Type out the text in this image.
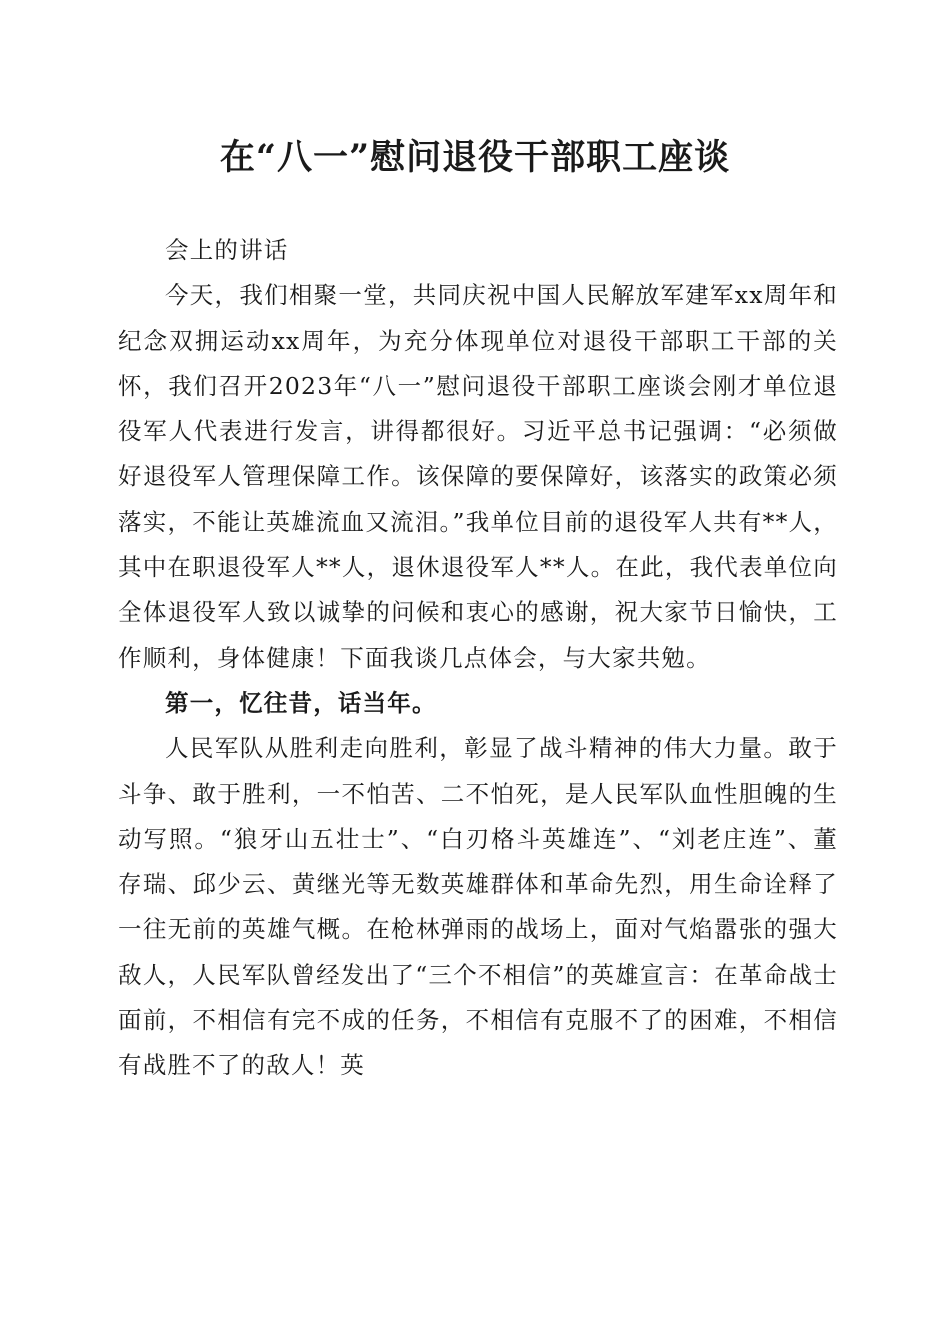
在“八一”慰问退役干部职工座谈

会上的讲话

今天，我们相聚一堂，共同庆祝中国人民解放军建军xx周年和纪念双拥运动xx周年，为充分体现单位对退役干部职工干部的关怀，我们召开2023年“八一”慰问退役干部职工座谈会刚才单位退役军人代表进行发言，讲得都很好。习近平总书记强调：“必须做好退役军人管理保障工作。该保障的要保障好，该落实的政策必须落实，不能让英雄流血又流泪。”我单位目前的退役军人共有**人，其中在职退役军人**人，退休退役军人**人。在此，我代表单位向全体退役军人致以诚挚的问候和衷心的感谢，祝大家节日愉快，工作顺利，身体健康！下面我谈几点体会，与大家共勉。

第一，忆往昔，话当年。

人民军队从胜利走向胜利，彰显了战斗精神的伟大力量。敢于斗争、敢于胜利，一不怕苦、二不怕死，是人民军队血性胆魄的生动写照。“狼牙山五壮士”、“白刃格斗英雄连”、“刘老庄连”、董存瑞、邱少云、黄继光等无数英雄群体和革命先烈，用生命诠释了一往无前的英雄气概。在枪林弹雨的战场上，面对气焰嚣张的强大敌人，人民军队曾经发出了“三个不相信”的英雄宣言：在革命战士面前，不相信有完不成的任务，不相信有克服不了的困难，不相信有战胜不了的敌人！英
